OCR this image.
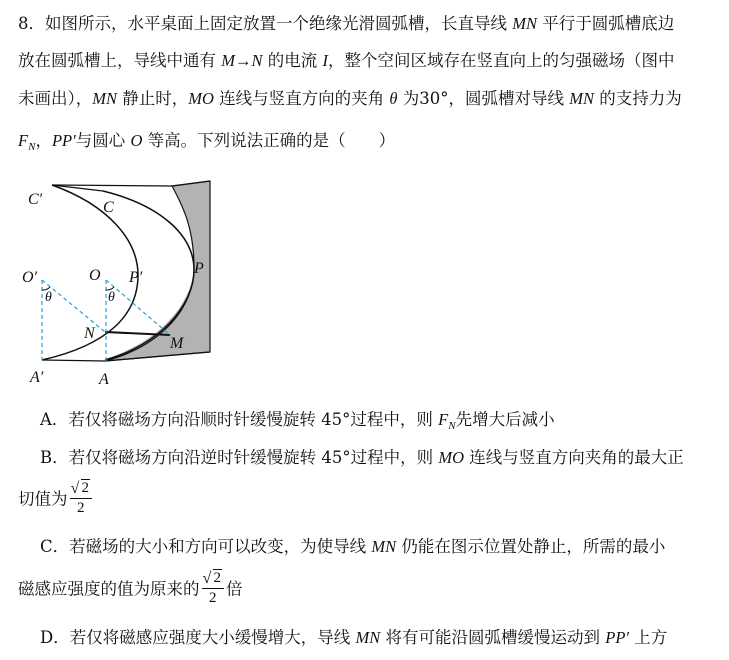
8．如图所示，水平桌面上固定放置一个绝缘光滑圆弧槽，长直导线 MN 平行于圆弧槽底边
放在圆弧槽上，导线中通有 M→N 的电流 I，整个空间区域存在竖直向上的匀强磁场（图中
未画出），MN 静止时，MO 连线与竖直方向的夹角 θ 为30°，圆弧槽对导线 MN 的支持力为
$F_N$，PP′与圆心 O 等高。下列说法正确的是（　　）
C′	C
O′	O P′
P
θ	θ
N
M
A′	A
A．若仅将磁场方向沿顺时针缓慢旋转 45°过程中，则 $F_N$先增大后减小
B．若仅将磁场方向沿逆时针缓慢旋转 45°过程中，则 MO 连线与竖直方向夹角的最大正
切值为 √ $\frac{2}{2}$
C．若磁场的大小和方向可以改变，为使导线 MN 仍能在图示位置处静止，所需的最小
磁感应强度的值为原来的 √ $\frac{2}{2}$ 倍
D．若仅将磁感应强度大小缓慢增大，导线 MN 将有可能沿圆弧槽缓慢运动到 PP′ 上方
